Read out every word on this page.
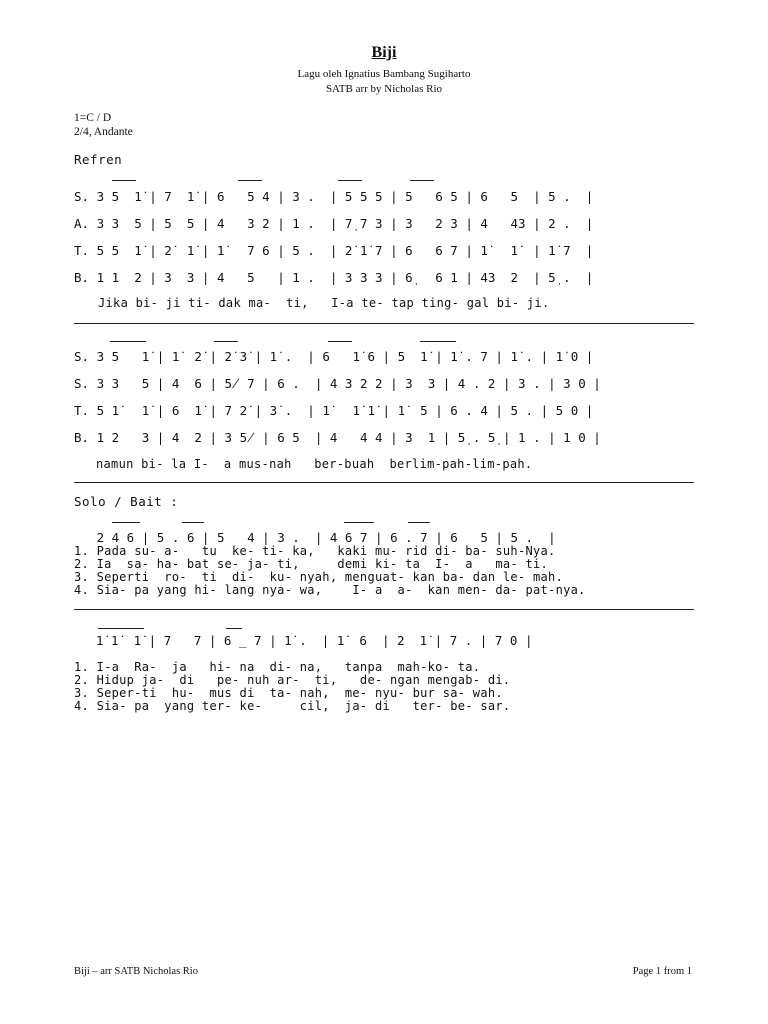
Biji
Lagu oleh Ignatius Bambang Sugiharto
SATB arr by Nicholas Rio
1=C / D
2/4, Andante
Refren
S. 3 5  1̇ | 7  1̇ | 6   5 4 | 3 .  | 5 5 5 | 5   6 5 | 6   5  | 5 .  |
A. 3 3  5 | 5  5 | 4   3 2 | 1 .  | 7̣ 7 3 | 3   2 3 | 4   43 | 2 .  |
T. 5 5  1̇ | 2̇  1̇ | 1̇   7 6 | 5 .  | 2̇ 1̇ 7 | 6   6 7 | 1̇   1̇  | 1̇ 7  |
B. 1 1  2 | 3  3 | 4   5   | 1 .  | 3 3 3 | 6̣   6 1 | 43  2  | 5̣ .  |
Jika bi- ji ti- dak ma-  ti,   I-a te- tap ting- gal bi- ji.
S. 3 5   1̇ | 1̇  2̇ | 2̇ 3̇ | 1̇ .  | 6   1̇ 6 | 5  1̇ | 1̇ . 7 | 1̇ . | 1̇ 0 |
S. 3 3   5 | 4  6 | 5̸ 7 | 6 .  | 4 3 2 2 | 3  3 | 4 . 2 | 3 . | 3 0 |
T. 5 1̇   1̇ | 6  1̇ | 7 2̇ | 3̇ .  | 1̇   1̇ 1̇ | 1̇  5 | 6 . 4 | 5 . | 5 0 |
B. 1 2   3 | 4  2 | 3 5̸ | 6 5  | 4   4 4 | 3  1 | 5̣ . 5̣ | 1 . | 1 0 |
namun bi- la I-  a mus-nah   ber-buah  berlim-pah-lim-pah.
Solo / Bait :
2 4 6 | 5 . 6 | 5   4 | 3 .  | 4 6 7 | 6 . 7 | 6   5 | 5 .  |
1. Pada su- a-   tu  ke- ti- ka,   kaki mu- rid di- ba- suh-Nya.
2. Ia  sa- ha- bat se- ja- ti,     demi ki- ta  I-  a   ma- ti.
3. Seperti  ro-  ti  di-  ku- nyah, menguat- kan ba- dan le- mah.
4. Sia- pa yang hi- lang nya- wa,    I- a  a-  kan men- da- pat-nya.
1̇ 1̇  1̇ | 7   7 | 6 _ 7 | 1̇ .  | 1̇  6  | 2  1̇ | 7 . | 7 0 |
1. I-a  Ra-  ja   hi- na  di- na,   tanpa  mah-ko- ta.
2. Hidup ja-  di   pe- nuh ar-  ti,   de- ngan mengab- di.
3. Seper-ti  hu-  mus di  ta- nah,  me- nyu- bur sa- wah.
4. Sia- pa  yang ter- ke-     cil,  ja- di   ter- be- sar.
Biji – arr SATB Nicholas Rio	Page 1 from 1
